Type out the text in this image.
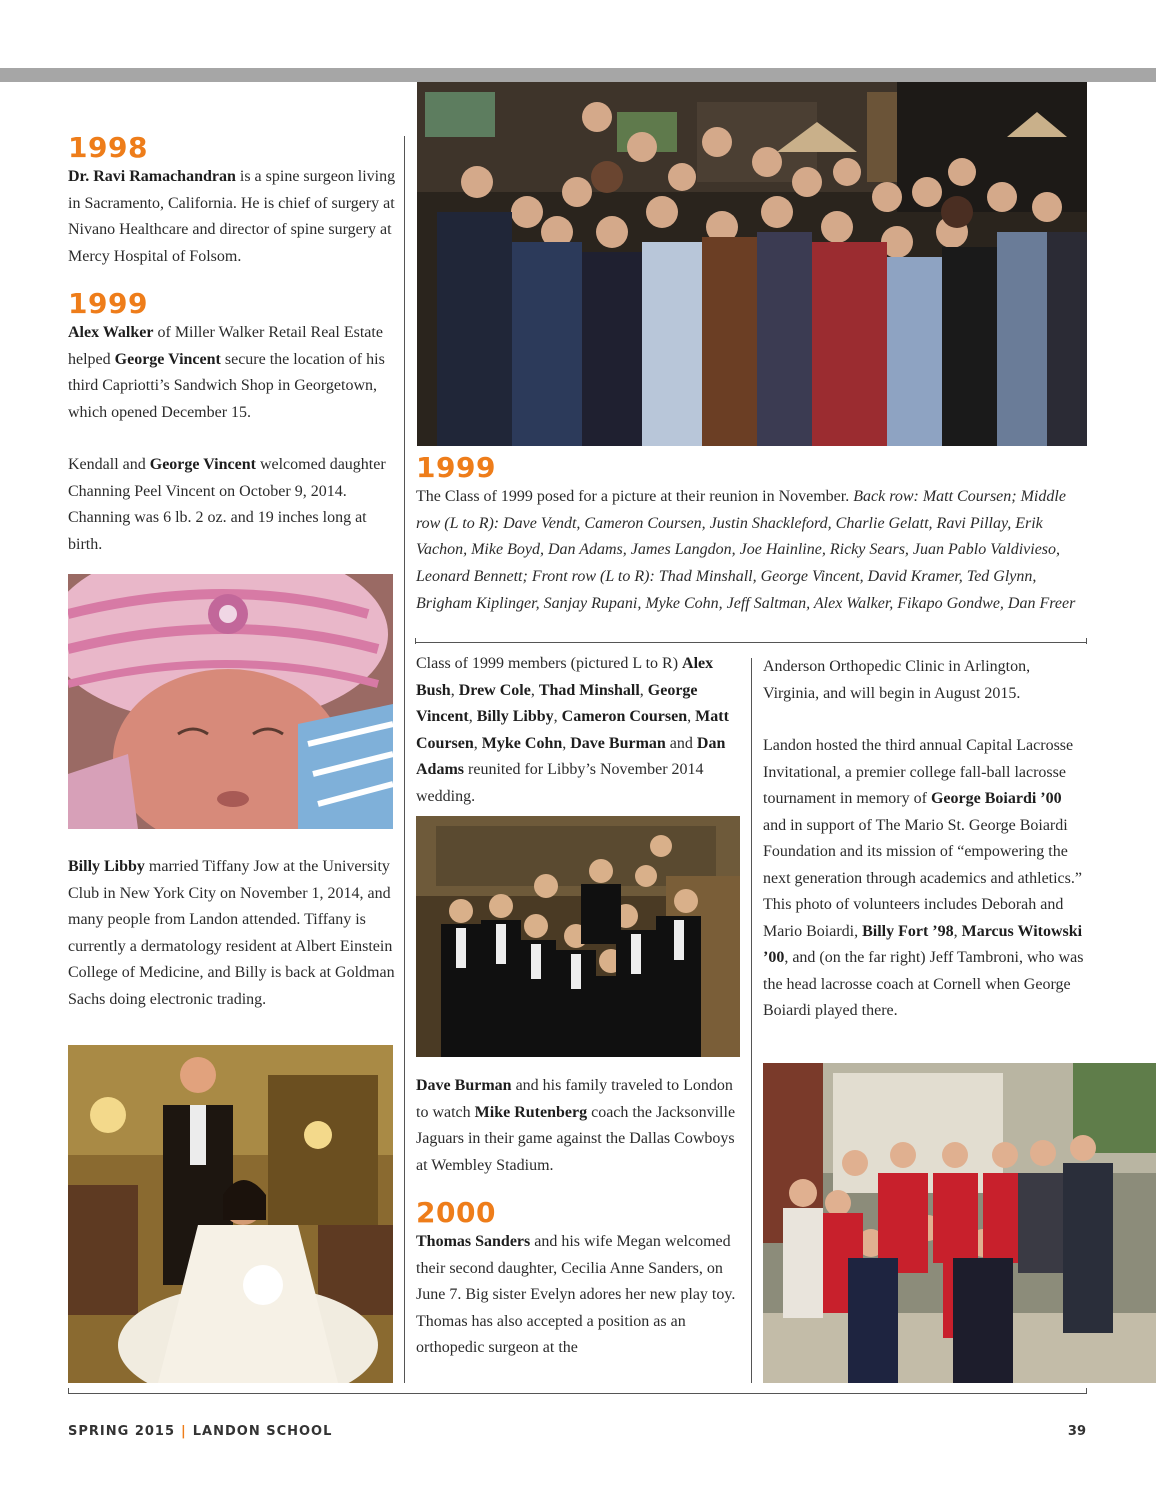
1998

Dr. Ravi Ramachandran is a spine surgeon living in Sacramento, California. He is chief of surgery at Nivano Healthcare and director of spine surgery at Mercy Hospital of Folsom.

1999

Alex Walker of Miller Walker Retail Real Estate helped George Vincent secure the location of his third Capriotti’s Sandwich Shop in Georgetown, which opened December 15.

Kendall and George Vincent welcomed daughter Channing Peel Vincent on October 9, 2014. Channing was 6 lb. 2 oz. and 19 inches long at birth.

Billy Libby married Tiffany Jow at the University Club in New York City on November 1, 2014, and many people from Landon attended. Tiffany is currently a dermatology resident at Albert Einstein College of Medicine, and Billy is back at Goldman Sachs doing electronic trading.

1999

The Class of 1999 posed for a picture at their reunion in November. Back row: Matt Coursen; Middle row (L to R): Dave Vendt, Cameron Coursen, Justin Shackleford, Charlie Gelatt, Ravi Pillay, Erik Vachon, Mike Boyd, Dan Adams, James Langdon, Joe Hainline, Ricky Sears, Juan Pablo Valdivieso, Leonard Bennett; Front row (L to R): Thad Minshall, George Vincent, David Kramer, Ted Glynn, Brigham Kiplinger, Sanjay Rupani, Myke Cohn, Jeff Saltman, Alex Walker, Fikapo Gondwe, Dan Freer

Class of 1999 members (pictured L to R) Alex Bush, Drew Cole, Thad Minshall, George Vincent, Billy Libby, Cameron Coursen, Matt Coursen, Myke Cohn, Dave Burman and Dan Adams reunited for Libby’s November 2014 wedding.

Dave Burman and his family traveled to London to watch Mike Rutenberg coach the Jacksonville Jaguars in their game against the Dallas Cowboys at Wembley Stadium.

2000

Thomas Sanders and his wife Megan welcomed their second daughter, Cecilia Anne Sanders, on June 7. Big sister Evelyn adores her new play toy. Thomas has also accepted a position as an orthopedic surgeon at the

Anderson Orthopedic Clinic in Arlington, Virginia, and will begin in August 2015.

Landon hosted the third annual Capital Lacrosse Invitational, a premier college fall-ball lacrosse tournament in memory of George Boiardi ’00 and in support of The Mario St. George Boiardi Foundation and its mission of “empowering the next generation through academics and athletics.” This photo of volunteers includes Deborah and Mario Boiardi, Billy Fort ’98, Marcus Witowski ’00, and (on the far right) Jeff Tambroni, who was the head lacrosse coach at Cornell when George Boiardi played there.

SPRING 2015 | LANDON SCHOOL	39
